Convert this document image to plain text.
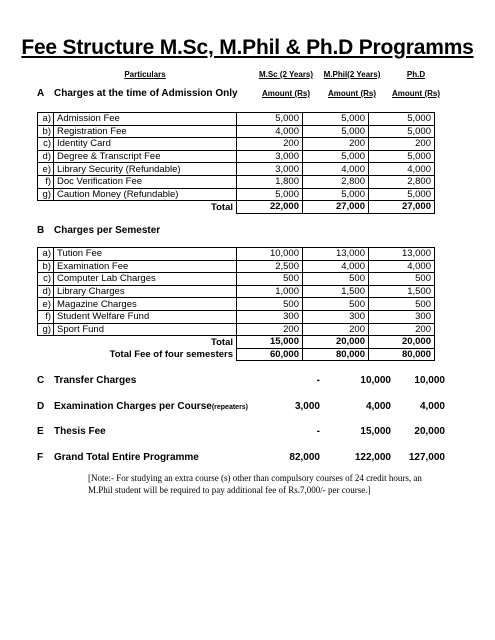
Fee Structure M.Sc, M.Phil & Ph.D Programms
Particulars	M.Sc (2 Years)	M.Phil(2 Years)	Ph.D
A Charges at the time of Admission Only	Amount (Rs)	Amount (Rs)	Amount (Rs)
a)	Admission Fee	5,000	5,000	5,000
b)	Registration Fee	4,000	5,000	5,000
c)	Identity Card	200	200	200
d)	Degree & Transcript Fee	3,000	5,000	5,000
e)	Library Security (Refundable)	3,000	4,000	4,000
f)	Doc Verification Fee	1,800	2,800	2,800
g)	Caution Money (Refundable)	5,000	5,000	5,000
Total		22,000	27,000	27,000
B Charges per Semester
a)	Tution Fee	10,000	13,000	13,000
b)	Examination Fee	2,500	4,000	4,000
c)	Computer Lab Charges	500	500	500
d)	Library Charges	1,000	1,500	1,500
e)	Magazine Charges	500	500	500
f)	Student Welfare Fund	300	300	300
g)	Sport Fund	200	200	200
Total		15,000	20,000	20,000
Total Fee of four semesters		60,000	80,000	80,000
C Transfer Charges	-	10,000	10,000
D Examination Charges per Course(repeaters)	3,000	4,000	4,000
E Thesis Fee	-	15,000	20,000
F Grand Total Entire Programme	82,000	122,000	127,000
[Note:- For studying an extra course (s) other than compulsory courses of 24 credit hours, an M.Phil student will be required to pay additional fee of Rs.7,000/- per course.]
